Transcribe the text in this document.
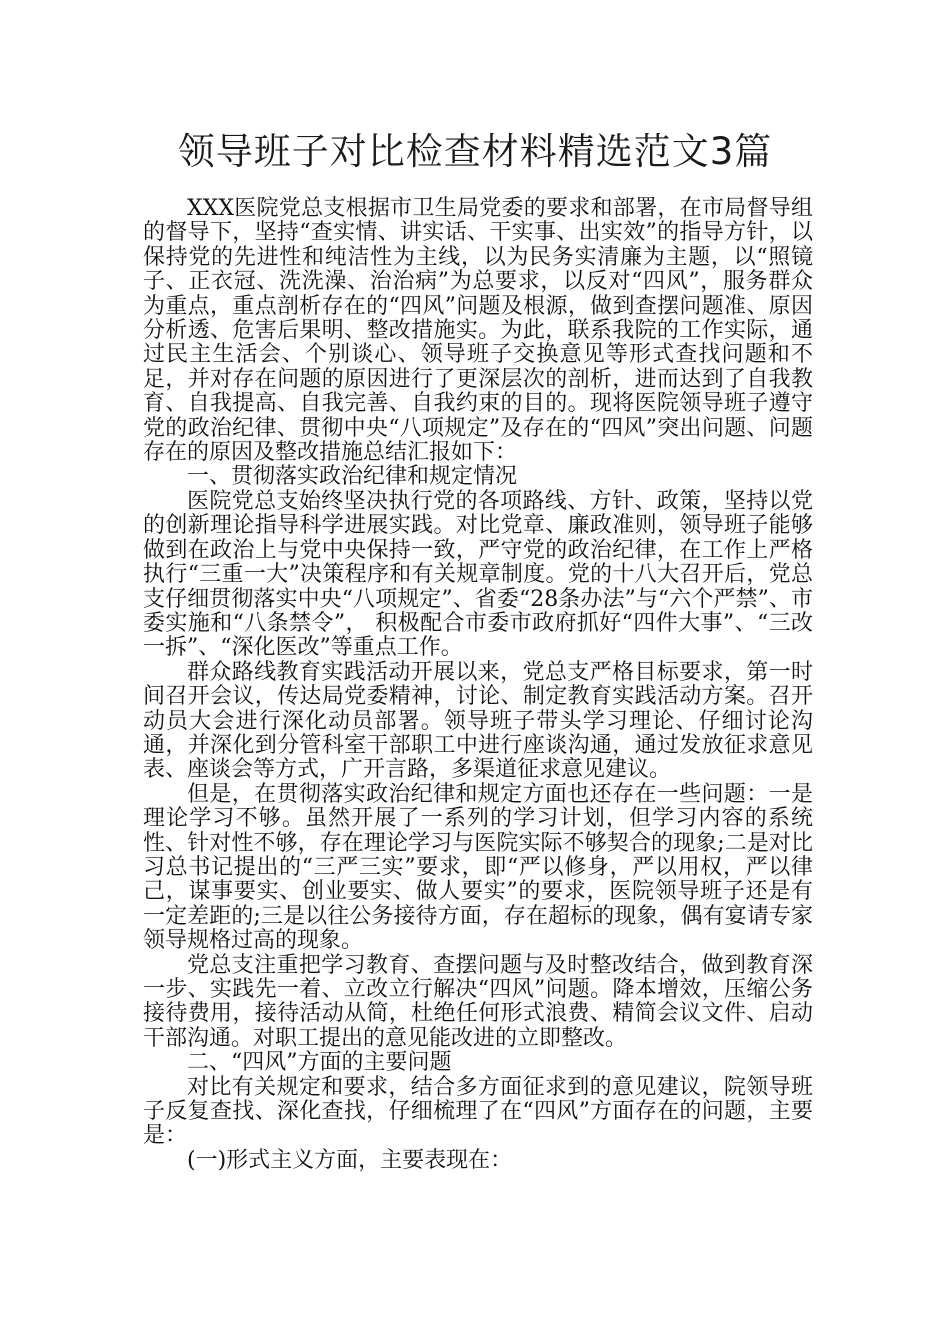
领导班子对比检查材料精选范文3篇

XXX医院党总支根据市卫生局党委的要求和部署，在市局督导组的督导下，坚持“查实情、讲实话、干实事、出实效”的指导方针，以保持党的先进性和纯洁性为主线，以为民务实清廉为主题，以“照镜子、正衣冠、洗洗澡、治治病”为总要求，以反对“四风”，服务群众为重点，重点剖析存在的“四风”问题及根源，做到查摆问题准、原因分析透、危害后果明、整改措施实。为此，联系我院的工作实际，通过民主生活会、个别谈心、领导班子交换意见等形式查找问题和不足，并对存在问题的原因进行了更深层次的剖析，进而达到了自我教育、自我提高、自我完善、自我约束的目的。现将医院领导班子遵守党的政治纪律、贯彻中央“八项规定”及存在的“四风”突出问题、问题存在的原因及整改措施总结汇报如下：

一、贯彻落实政治纪律和规定情况

医院党总支始终坚决执行党的各项路线、方针、政策，坚持以党的创新理论指导科学进展实践。对比党章、廉政准则，领导班子能够做到在政治上与党中央保持一致，严守党的政治纪律，在工作上严格执行“三重一大”决策程序和有关规章制度。党的十八大召开后，党总支仔细贯彻落实中央“八项规定”、省委“28条办法”与“六个严禁”、市委实施和“八条禁令”， 积极配合市委市政府抓好“四件大事”、“三改一拆”、“深化医改”等重点工作。

群众路线教育实践活动开展以来，党总支严格目标要求，第一时间召开会议，传达局党委精神，讨论、制定教育实践活动方案。召开动员大会进行深化动员部署。领导班子带头学习理论、仔细讨论沟通，并深化到分管科室干部职工中进行座谈沟通，通过发放征求意见表、座谈会等方式，广开言路，多渠道征求意见建议。

但是，在贯彻落实政治纪律和规定方面也还存在一些问题：一是理论学习不够。虽然开展了一系列的学习计划，但学习内容的系统性、针对性不够，存在理论学习与医院实际不够契合的现象;二是对比习总书记提出的“三严三实”要求，即“严以修身，严以用权，严以律己，谋事要实、创业要实、做人要实”的要求，医院领导班子还是有一定差距的;三是以往公务接待方面，存在超标的现象，偶有宴请专家领导规格过高的现象。

党总支注重把学习教育、查摆问题与及时整改结合，做到教育深一步、实践先一着、立改立行解决“四风”问题。降本增效，压缩公务接待费用，接待活动从简，杜绝任何形式浪费、精简会议文件、启动干部沟通。对职工提出的意见能改进的立即整改。

二、“四风”方面的主要问题

对比有关规定和要求，结合多方面征求到的意见建议，院领导班子反复查找、深化查找，仔细梳理了在“四风”方面存在的问题，主要是：

(一)形式主义方面，主要表现在：
